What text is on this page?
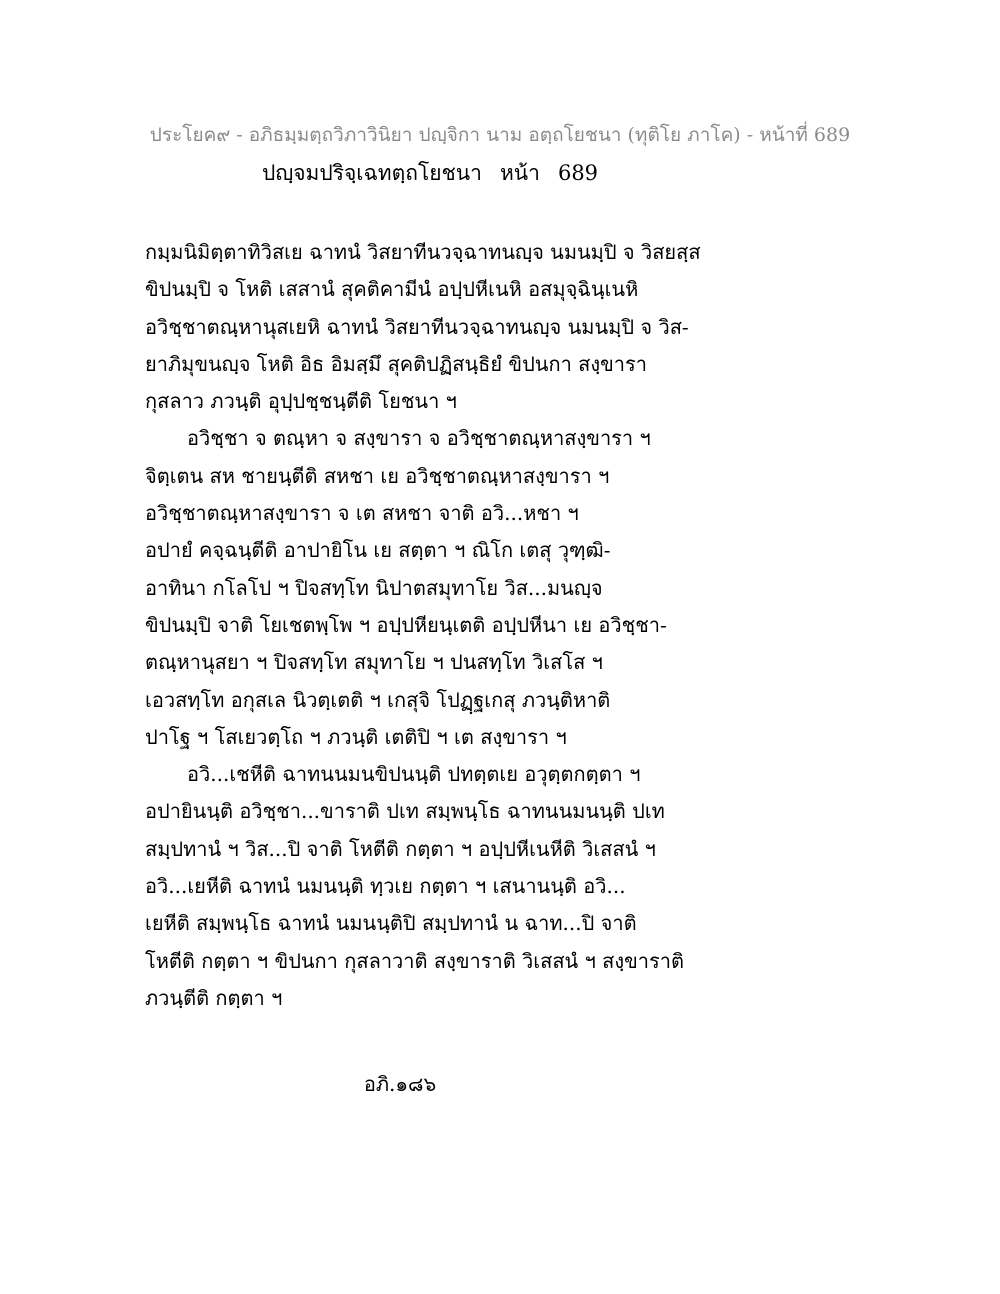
ประโยค๙ - อภิธมฺมตฺถวิภาวินิยา ปญฺจิกา นาม อตฺถโยชนา (ทุติโย ภาโค) - หน้าที่ 689
ปญฺจมปริจฺเฉทตฺถโยชนา หน้า 689
กมฺมนิมิตฺตาทิวิสเย ฉาทนํ วิสยาทีนวจฺฉาทนญฺจ นมนมฺปิ จ วิสยสฺส
ขิปนมฺปิ จ โหติ เสสานํ สุคติคามีนํ อปฺปหีเนหิ อสมุจฺฉินฺเนหิ
อวิชฺชาตณฺหานุสเยหิ ฉาทนํ วิสยาทีนวจฺฉาทนญฺจ นมนมฺปิ จ วิส-
ยาภิมุขนญฺจ โหติ อิธ อิมสฺมึ สุคติปฏิสนฺธิยํ ขิปนกา สงฺขารา
กุสลาว ภวนฺติ อุปฺปชฺชนฺตีติ โยชนา ฯ
อวิชฺชา จ ตณฺหา จ สงฺขารา จ อวิชฺชาตณฺหาสงฺขารา ฯ
จิตฺเตน สห ชายนฺตีติ สหชา เย อวิชฺชาตณฺหาสงฺขารา ฯ
อวิชฺชาตณฺหาสงฺขารา จ เต สหชา จาติ อวิ...หชา ฯ
อปายํ คจฺฉนฺตีติ อาปายิโน เย สตฺตา ฯ ณิโก เตสุ วุฑฺฒิ-
อาทินา กโลโป ฯ ปิจสทฺโท นิปาตสมุทาโย วิส...มนญฺจ
ขิปนมฺปิ จาติ โยเชตพฺโพ ฯ อปฺปหียนฺเตติ อปฺปหีนา เย อวิชฺชา-
ตณฺหานุสยา ฯ ปิจสทฺโท สมุทาโย ฯ ปนสทฺโท วิเสโส ฯ
เอวสทฺโท อกุสเล นิวตฺเตติ ฯ เกสุจิ โปฏฺฐเกสุ ภวนฺติหาติ
ปาโฐ ฯ โสเยวตฺโถ ฯ ภวนฺติ เตติปิ ฯ เต สงฺขารา ฯ
อวิ...เชหีติ ฉาทนนมนขิปนนฺติ ปทตฺตเย อวุตฺตกตฺตา ฯ
อปายินนฺติ อวิชฺชา...ขาราติ ปเท สมฺพนฺโธ ฉาทนนมนนฺติ ปเท
สมฺปทานํ ฯ วิส...ปิ จาติ โหตีติ กตฺตา ฯ อปฺปหีเนหีติ วิเสสนํ ฯ
อวิ...เยหีติ ฉาทนํ นมนนฺติ ทฺวเย กตฺตา ฯ เสนานนฺติ อวิ...
เยหีติ สมฺพนฺโธ ฉาทนํ นมนนฺติปิ สมฺปทานํ น ฉาท...ปิ จาติ
โหตีติ กตฺตา ฯ ขิปนกา กุสลาวาติ สงฺขาราติ วิเสสนํ ฯ สงฺขาราติ
ภวนฺตีติ กตฺตา ฯ
อภิ.๑๘๖
